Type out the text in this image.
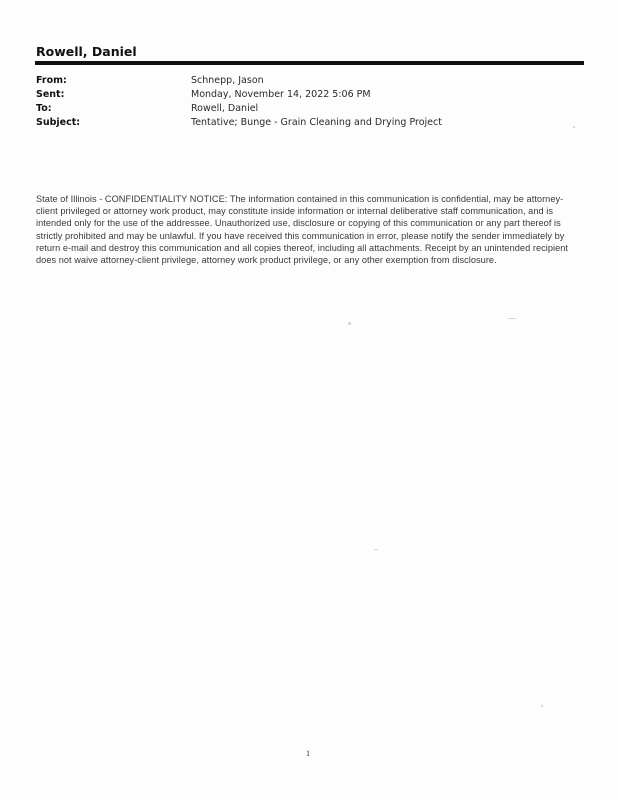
Rowell, Daniel
From:	Schnepp, Jason
Sent:	Monday, November 14, 2022 5:06 PM
To:	Rowell, Daniel
Subject:	Tentative; Bunge - Grain Cleaning and Drying Project
State of Illinois - CONFIDENTIALITY NOTICE: The information contained in this communication is confidential, may be attorney-client privileged or attorney work product, may constitute inside information or internal deliberative staff communication, and is intended only for the use of the addressee. Unauthorized use, disclosure or copying of this communication or any part thereof is strictly prohibited and may be unlawful. If you have received this communication in error, please notify the sender immediately by return e-mail and destroy this communication and all copies thereof, including all attachments. Receipt by an unintended recipient does not waive attorney-client privilege, attorney work product privilege, or any other exemption from disclosure.
1
